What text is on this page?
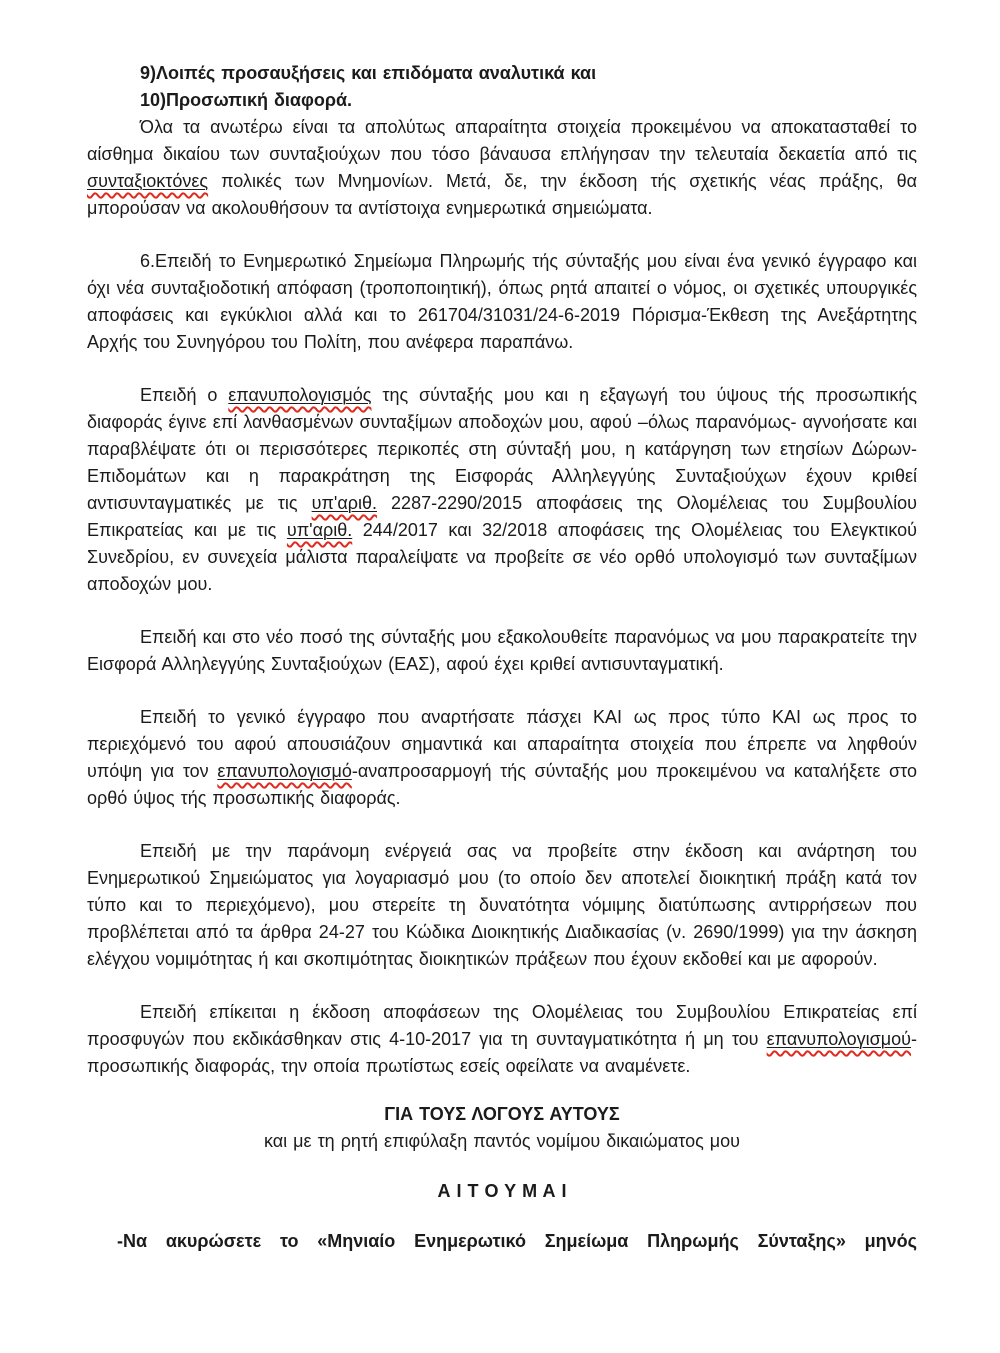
9)Λοιπές προσαυξήσεις και επιδόματα αναλυτικά και

10)Προσωπική διαφορά.

Όλα τα ανωτέρω είναι τα απολύτως απαραίτητα στοιχεία προκειμένου να αποκατασταθεί το αίσθημα δικαίου των συνταξιούχων που τόσο βάναυσα επλήγησαν την τελευταία δεκαετία από τις συνταξιοκτόνες πολικές των Μνημονίων. Μετά, δε, την έκδοση τής σχετικής νέας πράξης, θα μπορούσαν να ακολουθήσουν τα αντίστοιχα ενημερωτικά σημειώματα.

6.Επειδή το Ενημερωτικό Σημείωμα Πληρωμής τής σύνταξής μου είναι ένα γενικό έγγραφο και όχι νέα συνταξιοδοτική απόφαση (τροποποιητική), όπως ρητά απαιτεί ο νόμος, οι σχετικές υπουργικές αποφάσεις και εγκύκλιοι αλλά και το 261704/31031/24-6-2019 Πόρισμα-Έκθεση της Ανεξάρτητης Αρχής του Συνηγόρου του Πολίτη, που ανέφερα παραπάνω.

Επειδή ο επανυπολογισμός της σύνταξής μου και η εξαγωγή του ύψους τής προσωπικής διαφοράς έγινε επί λανθασμένων συνταξίμων αποδοχών μου, αφού –όλως παρανόμως- αγνοήσατε και παραβλέψατε ότι οι περισσότερες περικοπές στη σύνταξή μου, η κατάργηση των ετησίων Δώρων-Επιδομάτων και η παρακράτηση της Εισφοράς Αλληλεγγύης Συνταξιούχων έχουν κριθεί αντισυνταγματικές με τις υπ'αριθ. 2287-2290/2015 αποφάσεις της Ολομέλειας του Συμβουλίου Επικρατείας και με τις υπ'αριθ. 244/2017 και 32/2018 αποφάσεις της Ολομέλειας του Ελεγκτικού Συνεδρίου, εν συνεχεία μάλιστα παραλείψατε να προβείτε σε νέο ορθό υπολογισμό των συνταξίμων αποδοχών μου.

Επειδή και στο νέο ποσό της σύνταξής μου εξακολουθείτε παρανόμως να μου παρακρατείτε την Εισφορά Αλληλεγγύης Συνταξιούχων (ΕΑΣ), αφού έχει κριθεί αντισυνταγματική.

Επειδή το γενικό έγγραφο που αναρτήσατε πάσχει ΚΑΙ ως προς τύπο ΚΑΙ ως προς το περιεχόμενό του αφού απουσιάζουν σημαντικά και απαραίτητα στοιχεία που έπρεπε να ληφθούν υπόψη για τον επανυπολογισμό-αναπροσαρμογή τής σύνταξής μου προκειμένου να καταλήξετε στο ορθό ύψος τής προσωπικής διαφοράς.

Επειδή με την παράνομη ενέργειά σας να προβείτε στην έκδοση και ανάρτηση του Ενημερωτικού Σημειώματος για λογαριασμό μου (το οποίο δεν αποτελεί διοικητική πράξη κατά τον τύπο και το περιεχόμενο), μου στερείτε τη δυνατότητα νόμιμης διατύπωσης αντιρρήσεων που προβλέπεται από τα άρθρα 24-27 του Κώδικα Διοικητικής Διαδικασίας (ν. 2690/1999) για την άσκηση ελέγχου νομιμότητας ή και σκοπιμότητας διοικητικών πράξεων που έχουν εκδοθεί και με αφορούν.

Επειδή επίκειται η έκδοση αποφάσεων της Ολομέλειας του Συμβουλίου Επικρατείας επί προσφυγών που εκδικάσθηκαν στις 4-10-2017 για τη συνταγματικότητα ή μη του επανυπολογισμού-προσωπικής διαφοράς, την οποία πρωτίστως εσείς οφείλατε να αναμένετε.

ΓΙΑ ΤΟΥΣ ΛΟΓΟΥΣ ΑΥΤΟΥΣ

και με τη ρητή επιφύλαξη παντός νομίμου δικαιώματος μου

Α Ι Τ Ο Υ Μ Α Ι

-Να ακυρώσετε το «Μηνιαίο Ενημερωτικό Σημείωμα Πληρωμής Σύνταξης» μηνός
